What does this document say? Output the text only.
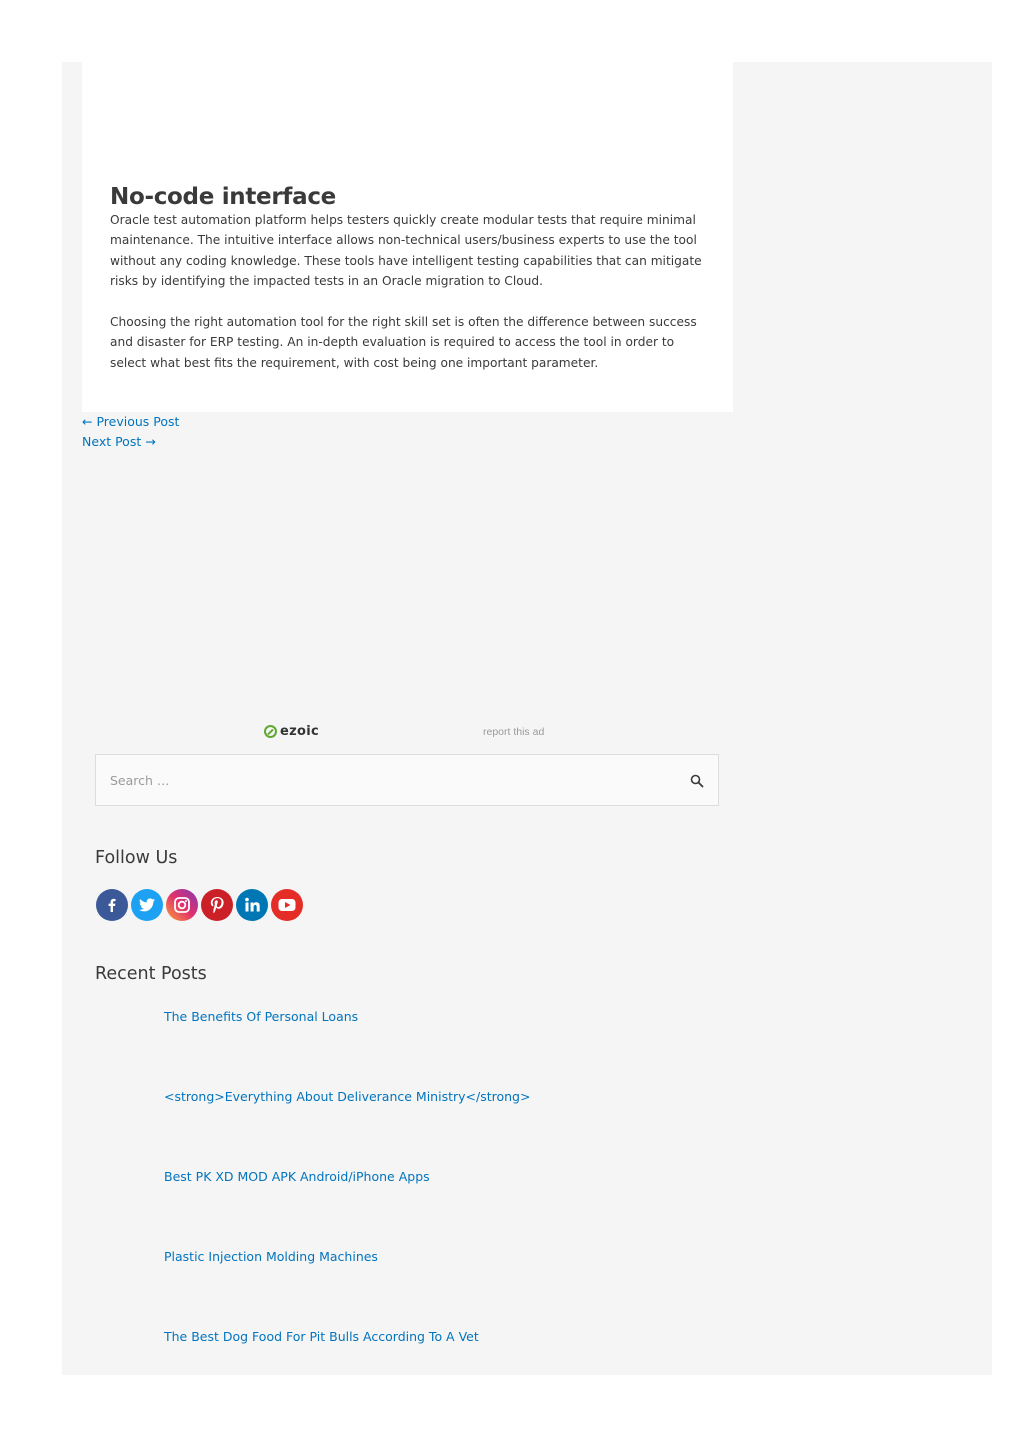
No-code interface

Oracle test automation platform helps testers quickly create modular tests that require minimal maintenance. The intuitive interface allows non-technical users/business experts to use the tool without any coding knowledge. These tools have intelligent testing capabilities that can mitigate risks by identifying the impacted tests in an Oracle migration to Cloud.

Choosing the right automation tool for the right skill set is often the difference between success and disaster for ERP testing. An in-depth evaluation is required to access the tool in order to select what best fits the requirement, with cost being one important parameter.

← Previous Post
Next Post →
ezoic	report this ad
Search …
Follow Us
Recent Posts
The Benefits Of Personal Loans
<strong>Everything About Deliverance Ministry</strong>
Best PK XD MOD APK Android/iPhone Apps
Plastic Injection Molding Machines
The Best Dog Food For Pit Bulls According To A Vet
